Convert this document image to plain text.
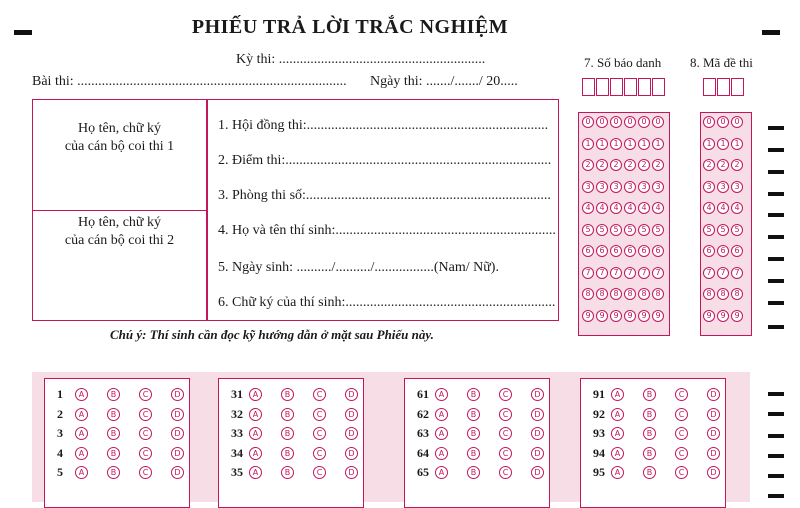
PHIẾU TRẢ LỜI TRẮC NGHIỆM
Kỳ thi: ...........................................................
Bài thi: ............................................................................. Ngày thi: ......./......./ 20.....
Họ tên, chữ ký
của cán bộ coi thi 1
Họ tên, chữ ký
của cán bộ coi thi 2
1. Hội đồng thi:.....................................................................
2. Điểm thi:............................................................................
3. Phòng thi số:......................................................................
4. Họ và tên thí sinh:...............................................................
5. Ngày sinh: ........../........../.................(Nam/ Nữ).
6. Chữ ký của thí sinh:............................................................
Chú ý: Thí sinh cần đọc kỹ hướng dẫn ở mặt sau Phiếu này.
7. Số báo danh 8. Mã đề thi
0	0	0	0	0	0
1	1	1	1	1	1
2	2	2	2	2	2
3	3	3	3	3	3
4	4	4	4	4	4
5	5	5	5	5	5
6	6	6	6	6	6
7	7	7	7	7	7
8	8	8	8	8	8
9	9	9	9	9	9
0	0	0
1	1	1
2	2	2
3	3	3
4	4	4
5	5	5
6	6	6
7	7	7
8	8	8
9	9	9
1	A	B	C	D
2	A	B	C	D
3	A	B	C	D
4	A	B	C	D
5	A	B	C	D
31	A	B	C	D
32	A	B	C	D
33	A	B	C	D
34	A	B	C	D
35	A	B	C	D
61	A	B	C	D
62	A	B	C	D
63	A	B	C	D
64	A	B	C	D
65	A	B	C	D
91	A	B	C	D
92	A	B	C	D
93	A	B	C	D
94	A	B	C	D
95	A	B	C	D
